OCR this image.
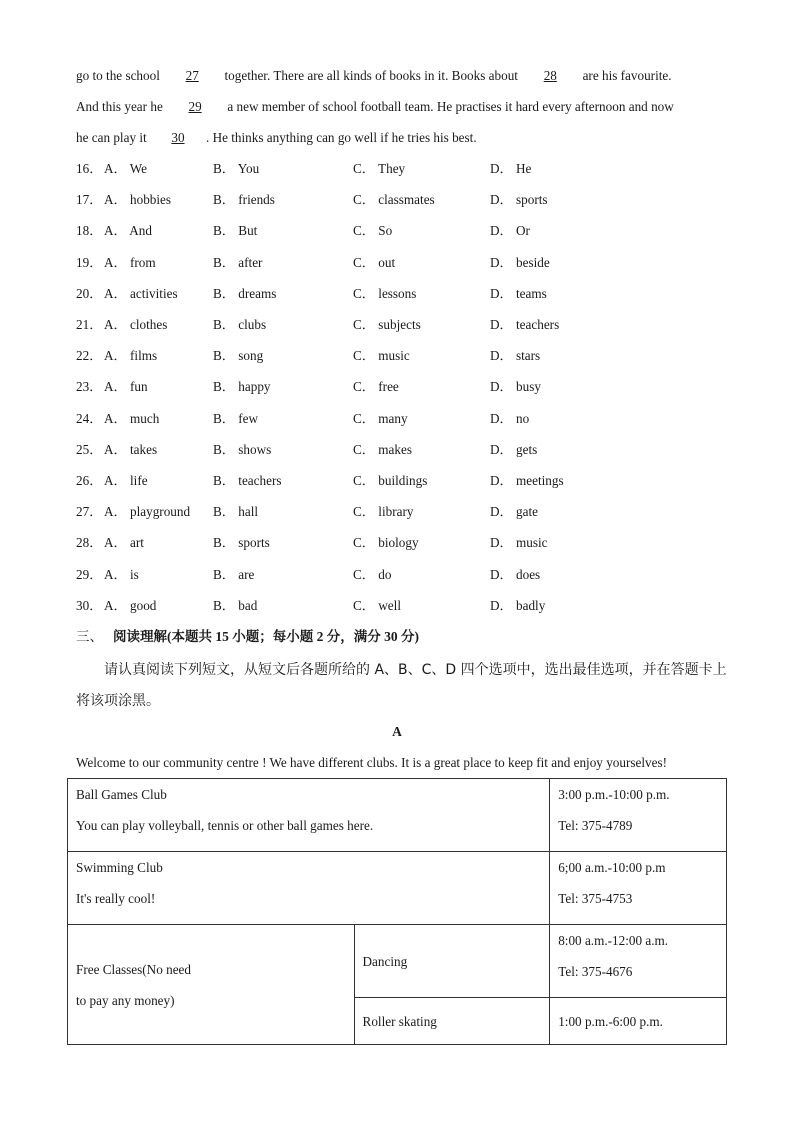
go to the school 27 together. There are all kinds of books in it. Books about 28 are his favourite.
And this year he 29 a new member of school football team. He practises it hard every afternoon and now
he can play it 30 . He thinks anything can go well if he tries his best.
16． A． We	B． You	C． They	D． He
17． A． hobbies	B． friends	C． classmates	D． sports
18． A． And	B． But	C． So	D． Or
19． A． from	B． after	C． out	D． beside
20． A． activities	B． dreams	C． lessons	D． teams
21． A． clothes	B． clubs	C． subjects	D． teachers
22． A． films	B． song	C． music	D． stars
23． A． fun	B． happy	C． free	D． busy
24． A． much	B． few	C． many	D． no
25． A． takes	B． shows	C． makes	D． gets
26． A． life	B． teachers	C． buildings	D． meetings
27． A． playground B． hall	C． library	D． gate
28． A． art	B． sports	C． biology	D． music
29． A． is	B． are	C． do	D． does
30． A． good	B． bad	C． well	D． badly
三、 阅读理解(本题共 15 小题；每小题 2 分，满分 30 分)
请认真阅读下列短文，从短文后各题所给的 A、B、C、D 四个选项中，选出最佳选项，并在答题卡上
将该项涂黑。
A
Welcome to our community centre ! We have different clubs. It is a great place to keep fit and enjoy yourselves!
Ball Games Club
You can play volleyball, tennis or other ball games here.		3:00 p.m.-10:00 p.m.
Tel: 375-4789

Swimming Club
It's really cool!		6;00 a.m.-10:00 p.m
Tel: 375-4753

Free Classes(No need
to pay any money)	Dancing	8:00 a.m.-12:00 a.m.
Tel: 375-4676

	Roller skating	1:00 p.m.-6:00 p.m.
